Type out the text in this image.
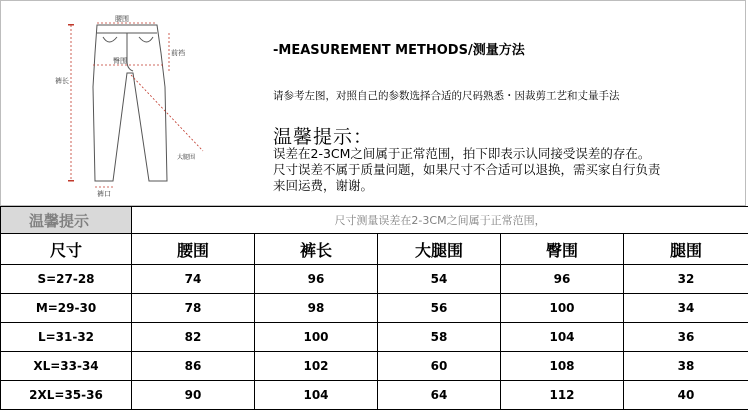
腰围
前裆
臀围
裤长
大腿围
裤口
-MEASUREMENT METHODS/测量方法
请参考左图，对照自己的参数选择合适的尺码熟悉・因裁剪工艺和丈量手法
温馨提示：
误差在2-3CM之间属于正常范围，拍下即表示认同接受误差的存在。
尺寸误差不属于质量问题，如果尺寸不合适可以退换，需买家自行负责
来回运费，谢谢。
温馨提示	尺寸测量误差在2-3CM之间属于正常范围，				
尺寸	腰围	裤长	大腿围	臀围	腿围
S=27-28	74	96	54	96	32
M=29-30	78	98	56	100	34
L=31-32	82	100	58	104	36
XL=33-34	86	102	60	108	38
2XL=35-36	90	104	64	112	40
